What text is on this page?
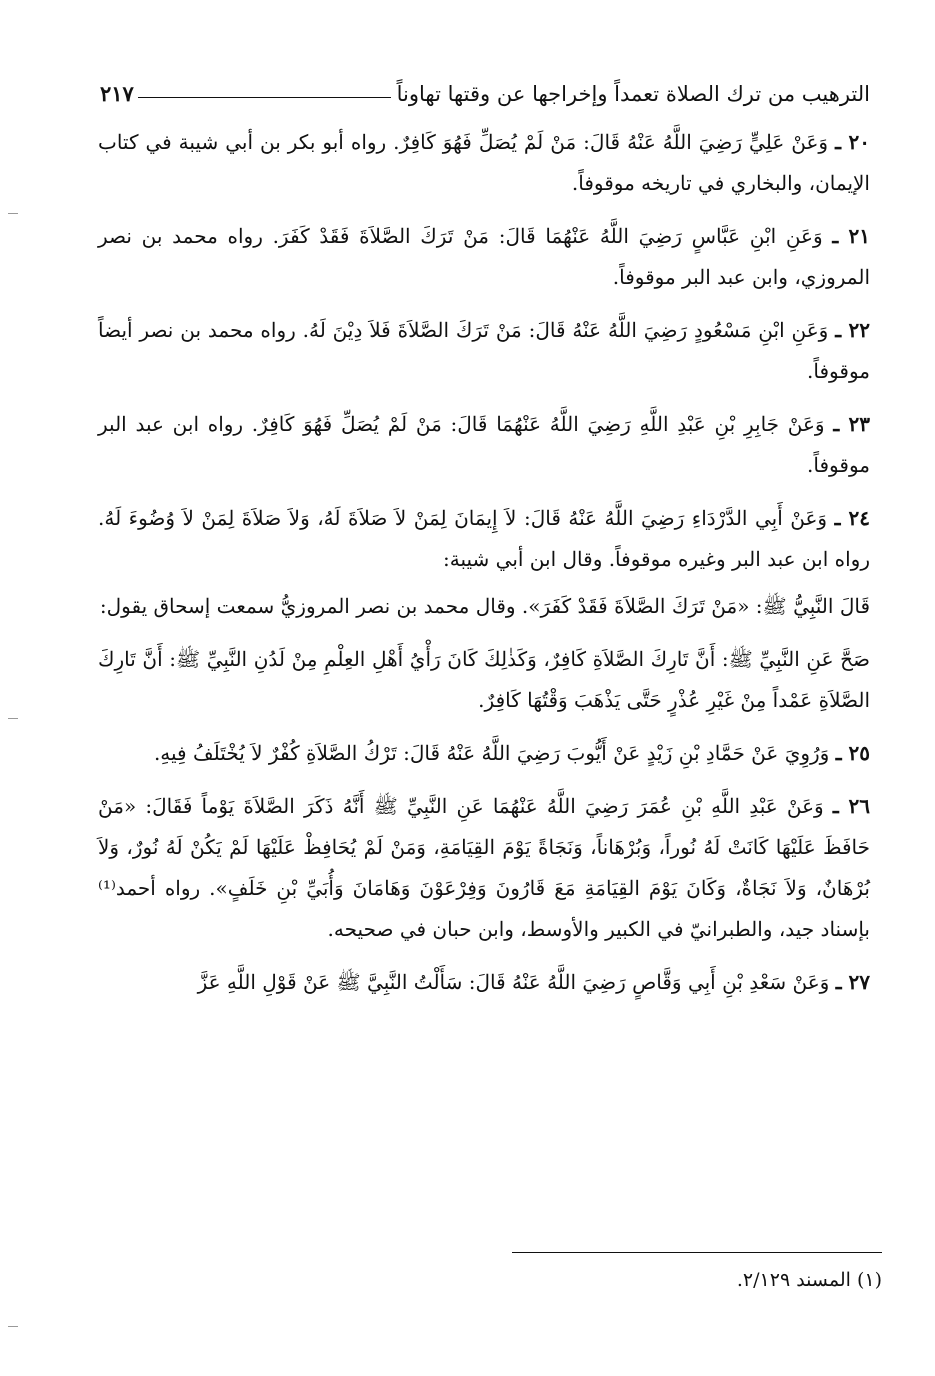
الترهيب من ترك الصلاة تعمداً وإخراجها عن وقتها تهاوناً
٢١٧

٢٠ ـ وَعَنْ عَلِيٍّ رَضِيَ اللَّهُ عَنْهُ قَالَ: مَنْ لَمْ يُصَلِّ فَهُوَ كَافِرٌ. رواه أبو بكر بن أبي شيبة في كتاب الإيمان، والبخاري في تاريخه موقوفاً.

٢١ ـ وَعَنِ ابْنِ عَبَّاسٍ رَضِيَ اللَّهُ عَنْهُمَا قَالَ: مَنْ تَرَكَ الصَّلاَةَ فَقَدْ كَفَرَ. رواه محمد بن نصر المروزي، وابن عبد البر موقوفاً.

٢٢ ـ وَعَنِ ابْنِ مَسْعُودٍ رَضِيَ اللَّهُ عَنْهُ قَالَ: مَنْ تَرَكَ الصَّلاَةَ فَلاَ دِيْنَ لَهُ. رواه محمد بن نصر أيضاً موقوفاً.

٢٣ ـ وَعَنْ جَابِرِ بْنِ عَبْدِ اللَّهِ رَضِيَ اللَّهُ عَنْهُمَا قَالَ: مَنْ لَمْ يُصَلِّ فَهُوَ كَافِرٌ. رواه ابن عبد البر موقوفاً.

٢٤ ـ وَعَنْ أَبِي الدَّرْدَاءِ رَضِيَ اللَّهُ عَنْهُ قَالَ: لاَ إِيمَانَ لِمَنْ لاَ صَلاَةَ لَهُ، وَلاَ صَلاَةَ لِمَنْ لاَ وُضُوءَ لَهُ. رواه ابن عبد البر وغيره موقوفاً. وقال ابن أبي شيبة:

قَالَ النَّبِيُّ ﷺ: «مَنْ تَرَكَ الصَّلاَةَ فَقَدْ كَفَرَ». وقال محمد بن نصر المروزيُّ سمعت إسحاق يقول:

صَحَّ عَنِ النَّبِيِّ ﷺ: أَنَّ تَارِكَ الصَّلاَةِ كَافِرٌ، وَكَذٰلِكَ كَانَ رَأْيُ أَهْلِ العِلْمِ مِنْ لَدُنِ النَّبِيِّ ﷺ: أَنَّ تَارِكَ الصَّلاَةِ عَمْداً مِنْ غَيْرِ عُذْرٍ حَتَّى يَذْهَبَ وَقْتُهَا كَافِرٌ.

٢٥ ـ وَرُوِيَ عَنْ حَمَّادِ بْنِ زَيْدٍ عَنْ أَيُّوبَ رَضِيَ اللَّهُ عَنْهُ قَالَ: تَرْكُ الصَّلاَةِ كُفْرٌ لاَ يُخْتَلَفُ فِيهِ.

٢٦ ـ وَعَنْ عَبْدِ اللَّهِ بْنِ عُمَرَ رَضِيَ اللَّهُ عَنْهُمَا عَنِ النَّبِيِّ ﷺ أَنَّهُ ذَكَرَ الصَّلاَةَ يَوْماً فَقَالَ: «مَنْ حَافَظَ عَلَيْهَا كَانَتْ لَهُ نُوراً، وَبُرْهَاناً، وَنَجَاةً يَوْمَ القِيَامَةِ، وَمَنْ لَمْ يُحَافِظْ عَلَيْهَا لَمْ يَكُنْ لَهُ نُورٌ، وَلاَ بُرْهَانٌ، وَلاَ نَجَاةٌ، وَكَانَ يَوْمَ القِيَامَةِ مَعَ قَارُونَ وَفِرْعَوْنَ وَهَامَانَ وَأُبَيِّ بْنِ خَلَفٍ». رواه أحمد⁽¹⁾ بإسناد جيد، والطبرانيّ في الكبير والأوسط، وابن حبان في صحيحه.

٢٧ ـ وَعَنْ سَعْدِ بْنِ أَبِي وَقَّاصٍ رَضِيَ اللَّهُ عَنْهُ قَالَ: سَأَلْتُ النَّبِيَّ ﷺ عَنْ قَوْلِ اللَّهِ عَزَّ

(١) المسند ٢/١٢٩.
